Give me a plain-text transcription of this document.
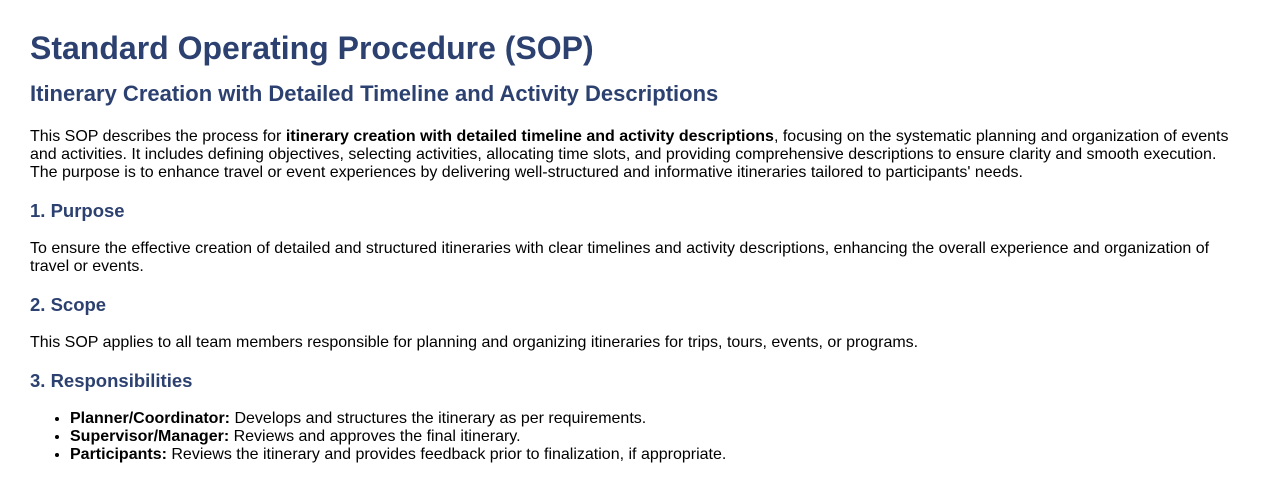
Standard Operating Procedure (SOP)
Itinerary Creation with Detailed Timeline and Activity Descriptions

This SOP describes the process for itinerary creation with detailed timeline and activity descriptions, focusing on the systematic planning and organization of events and activities. It includes defining objectives, selecting activities, allocating time slots, and providing comprehensive descriptions to ensure clarity and smooth execution. The purpose is to enhance travel or event experiences by delivering well-structured and informative itineraries tailored to participants' needs.

1. Purpose

To ensure the effective creation of detailed and structured itineraries with clear timelines and activity descriptions, enhancing the overall experience and organization of travel or events.

2. Scope

This SOP applies to all team members responsible for planning and organizing itineraries for trips, tours, events, or programs.

3. Responsibilities
• Planner/Coordinator: Develops and structures the itinerary as per requirements.
• Supervisor/Manager: Reviews and approves the final itinerary.
• Participants: Reviews the itinerary and provides feedback prior to finalization, if appropriate.
